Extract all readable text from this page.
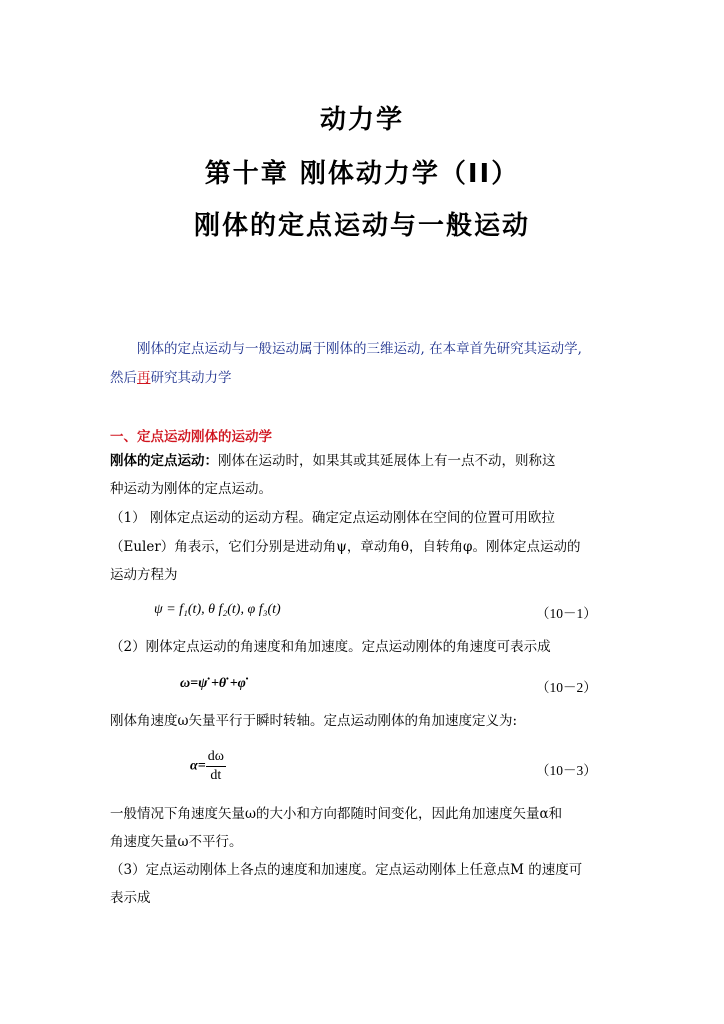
动力学
第十章 刚体动力学（II）
刚体的定点运动与一般运动
刚体的定点运动与一般运动属于刚体的三维运动, 在本章首先研究其运动学,
然后再研究其动力学
一、定点运动刚体的运动学
刚体的定点运动：刚体在运动时，如果其或其延展体上有一点不动，则称这
种运动为刚体的定点运动。
（1） 刚体定点运动的运动方程。确定定点运动刚体在空间的位置可用欧拉
（Euler）角表示，它们分别是进动角ψ，章动角θ，自转角φ。刚体定点运动的
运动方程为
ψ = f₁(t), θ f₂(t), φ f₃(t)	（10－1）
（2）刚体定点运动的角速度和角加速度。定点运动刚体的角速度可表示成
ω=ψ̇ +θ̇ +φ̇	（10－2）
刚体角速度ω矢量平行于瞬时转轴。定点运动刚体的角加速度定义为:
$\alpha= \frac{d\omega}{dt}$	（10－3）
一般情况下角速度矢量ω的大小和方向都随时间变化，因此角加速度矢量α和
角速度矢量ω不平行。
（3）定点运动刚体上各点的速度和加速度。定点运动刚体上任意点M 的速度可
表示成
